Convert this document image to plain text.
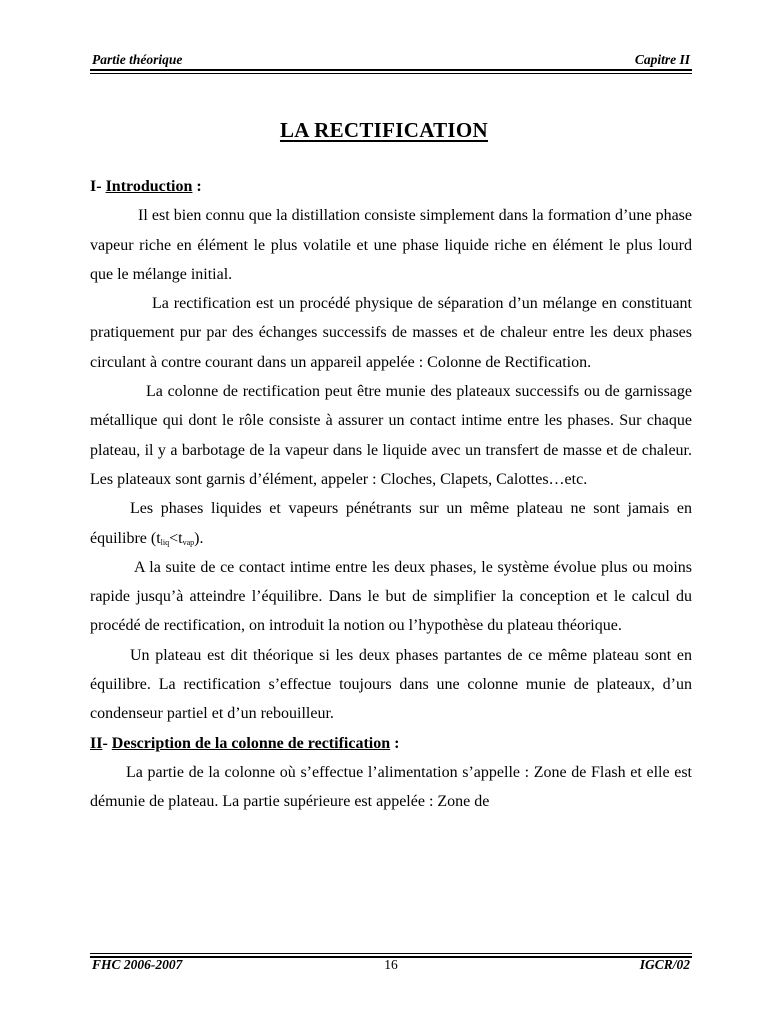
Partie théorique	Capitre II
LA RECTIFICATION

I- Introduction :

Il est bien connu que la distillation consiste simplement dans la formation d’une phase vapeur riche en élément le plus volatile et une phase liquide riche en élément le plus lourd que le mélange initial.

La rectification est un procédé physique de séparation d’un mélange en constituant pratiquement pur par des échanges successifs de masses et de chaleur entre les deux phases circulant à contre courant dans un appareil appelée : Colonne de Rectification.

La colonne de rectification peut être munie des plateaux successifs ou de garnissage métallique qui dont le rôle consiste à assurer un contact intime entre les phases. Sur chaque plateau, il y a barbotage de la vapeur dans le liquide avec un transfert de masse et de chaleur. Les plateaux sont garnis d’élément, appeler : Cloches, Clapets, Calottes…etc.

Les phases liquides et vapeurs pénétrants sur un même plateau ne sont jamais en équilibre $(t_{liq}<t_{vap})$.

A la suite de ce contact intime entre les deux phases, le système évolue plus ou moins rapide jusqu’à atteindre l’équilibre. Dans le but de simplifier la conception et le calcul du procédé de rectification, on introduit la notion ou l’hypothèse du plateau théorique.

Un plateau est dit théorique si les deux phases partantes de ce même plateau sont en équilibre. La rectification s’effectue toujours dans une colonne munie de plateaux, d’un condenseur partiel et d’un rebouilleur.

II- Description de la colonne de rectification :

La partie de la colonne où s’effectue l’alimentation s’appelle : Zone de Flash et elle est démunie de plateau. La partie supérieure est appelée : Zone de

FHC 2006-2007	16	IGCR/02
